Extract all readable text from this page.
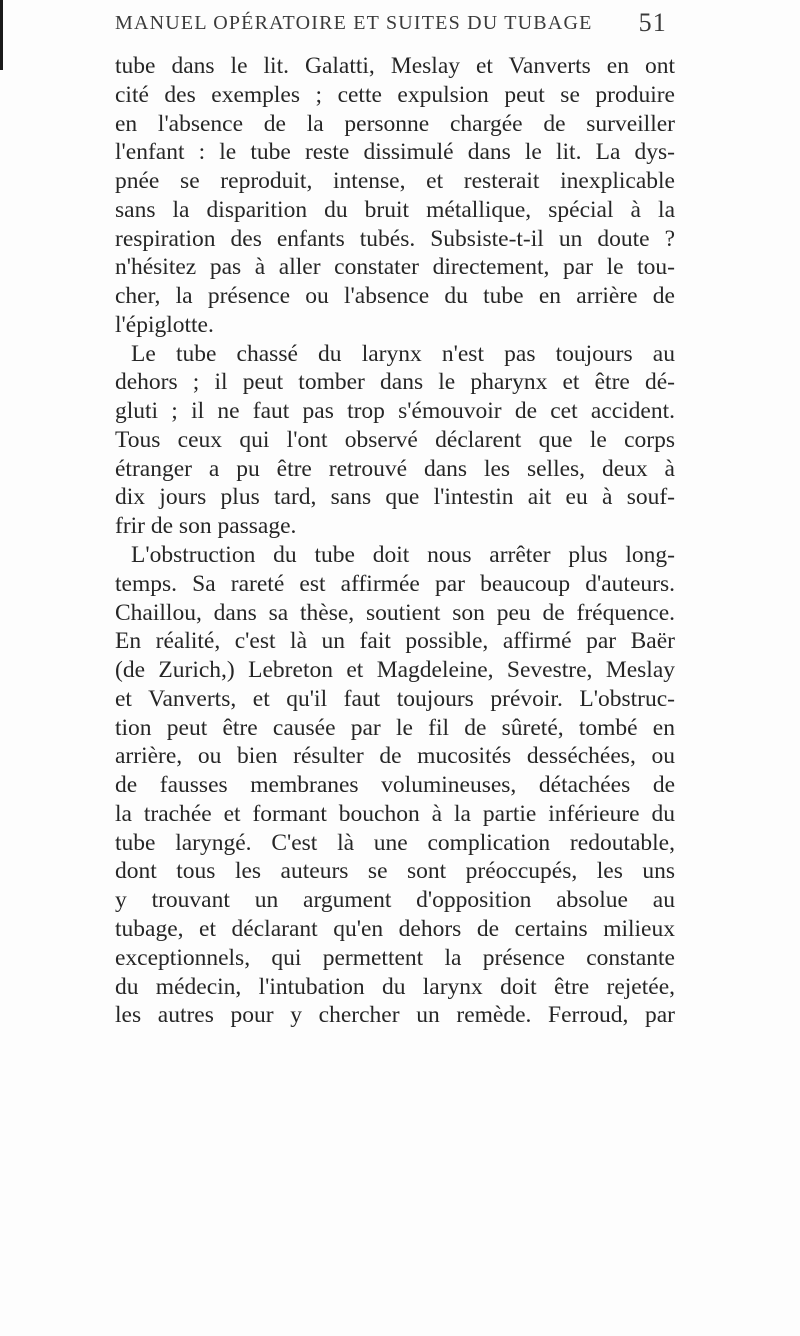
MANUEL OPÉRATOIRE ET SUITES DU TUBAGE 51
tube dans le lit. Galatti, Meslay et Vanverts en ont
cité des exemples ; cette expulsion peut se produire
en l'absence de la personne chargée de surveiller
l'enfant : le tube reste dissimulé dans le lit. La dys-
pnée se reproduit, intense, et resterait inexplicable
sans la disparition du bruit métallique, spécial à la
respiration des enfants tubés. Subsiste-t-il un doute ?
n'hésitez pas à aller constater directement, par le tou-
cher, la présence ou l'absence du tube en arrière de
l'épiglotte.
Le tube chassé du larynx n'est pas toujours au
dehors ; il peut tomber dans le pharynx et être dé-
gluti ; il ne faut pas trop s'émouvoir de cet accident.
Tous ceux qui l'ont observé déclarent que le corps
étranger a pu être retrouvé dans les selles, deux à
dix jours plus tard, sans que l'intestin ait eu à souf-
frir de son passage.
L'obstruction du tube doit nous arrêter plus long-
temps. Sa rareté est affirmée par beaucoup d'auteurs.
Chaillou, dans sa thèse, soutient son peu de fréquence.
En réalité, c'est là un fait possible, affirmé par Baër
(de Zurich,) Lebreton et Magdeleine, Sevestre, Meslay
et Vanverts, et qu'il faut toujours prévoir. L'obstruc-
tion peut être causée par le fil de sûreté, tombé en
arrière, ou bien résulter de mucosités desséchées, ou
de fausses membranes volumineuses, détachées de
la trachée et formant bouchon à la partie inférieure du
tube laryngé. C'est là une complication redoutable,
dont tous les auteurs se sont préoccupés, les uns
y trouvant un argument d'opposition absolue au
tubage, et déclarant qu'en dehors de certains milieux
exceptionnels, qui permettent la présence constante
du médecin, l'intubation du larynx doit être rejetée,
les autres pour y chercher un remède. Ferroud, par
